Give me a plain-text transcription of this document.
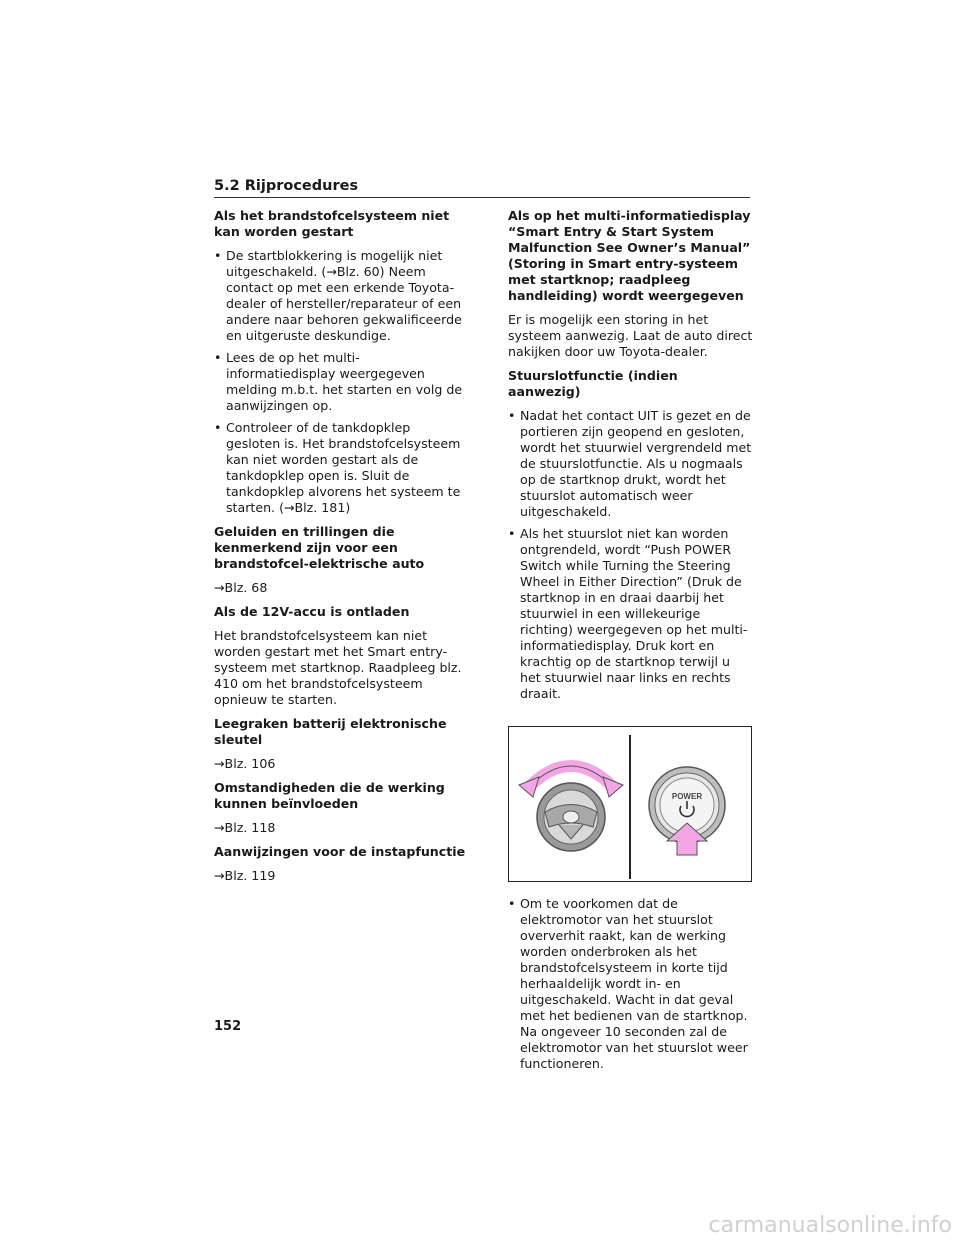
5.2 Rijprocedures
Als het brandstofcelsysteem niet kan worden gestart
• De startblokkering is mogelijk niet uitgeschakeld. (→Blz. 60) Neem contact op met een erkende Toyota-dealer of hersteller/reparateur of een andere naar behoren gekwalificeerde en uitgeruste deskundige.
• Lees de op het multi-informatiedisplay weergegeven melding m.b.t. het starten en volg de aanwijzingen op.
• Controleer of de tankdopklep gesloten is. Het brandstofcelsysteem kan niet worden gestart als de tankdopklep open is. Sluit de tankdopklep alvorens het systeem te starten. (→Blz. 181)
Geluiden en trillingen die kenmerkend zijn voor een brandstofcel-elektrische auto
→Blz. 68
Als de 12V-accu is ontladen
Het brandstofcelsysteem kan niet worden gestart met het Smart entry-systeem met startknop. Raadpleeg blz. 410 om het brandstofcelsysteem opnieuw te starten.
Leegraken batterij elektronische sleutel
→Blz. 106
Omstandigheden die de werking kunnen beïnvloeden
→Blz. 118
Aanwijzingen voor de instapfunctie
→Blz. 119
Als op het multi-informatiedisplay “Smart Entry & Start System Malfunction See Owner’s Manual” (Storing in Smart entry-systeem met startknop; raadpleeg handleiding) wordt weergegeven
Er is mogelijk een storing in het systeem aanwezig. Laat de auto direct nakijken door uw Toyota-dealer.
Stuurslotfunctie (indien aanwezig)
• Nadat het contact UIT is gezet en de portieren zijn geopend en gesloten, wordt het stuurwiel vergrendeld met de stuurslotfunctie. Als u nogmaals op de startknop drukt, wordt het stuurslot automatisch weer uitgeschakeld.
• Als het stuurslot niet kan worden ontgrendeld, wordt “Push POWER Switch while Turning the Steering Wheel in Either Direction” (Druk de startknop in en draai daarbij het stuurwiel in een willekeurige richting) weergegeven op het multi-informatiedisplay. Druk kort en krachtig op de startknop terwijl u het stuurwiel naar links en rechts draait.
POWER
• Om te voorkomen dat de elektromotor van het stuurslot oververhit raakt, kan de werking worden onderbroken als het brandstofcelsysteem in korte tijd herhaaldelijk wordt in- en uitgeschakeld. Wacht in dat geval met het bedienen van de startknop. Na ongeveer 10 seconden zal de elektromotor van het stuurslot weer functioneren.
152
carmanualsonline.info
